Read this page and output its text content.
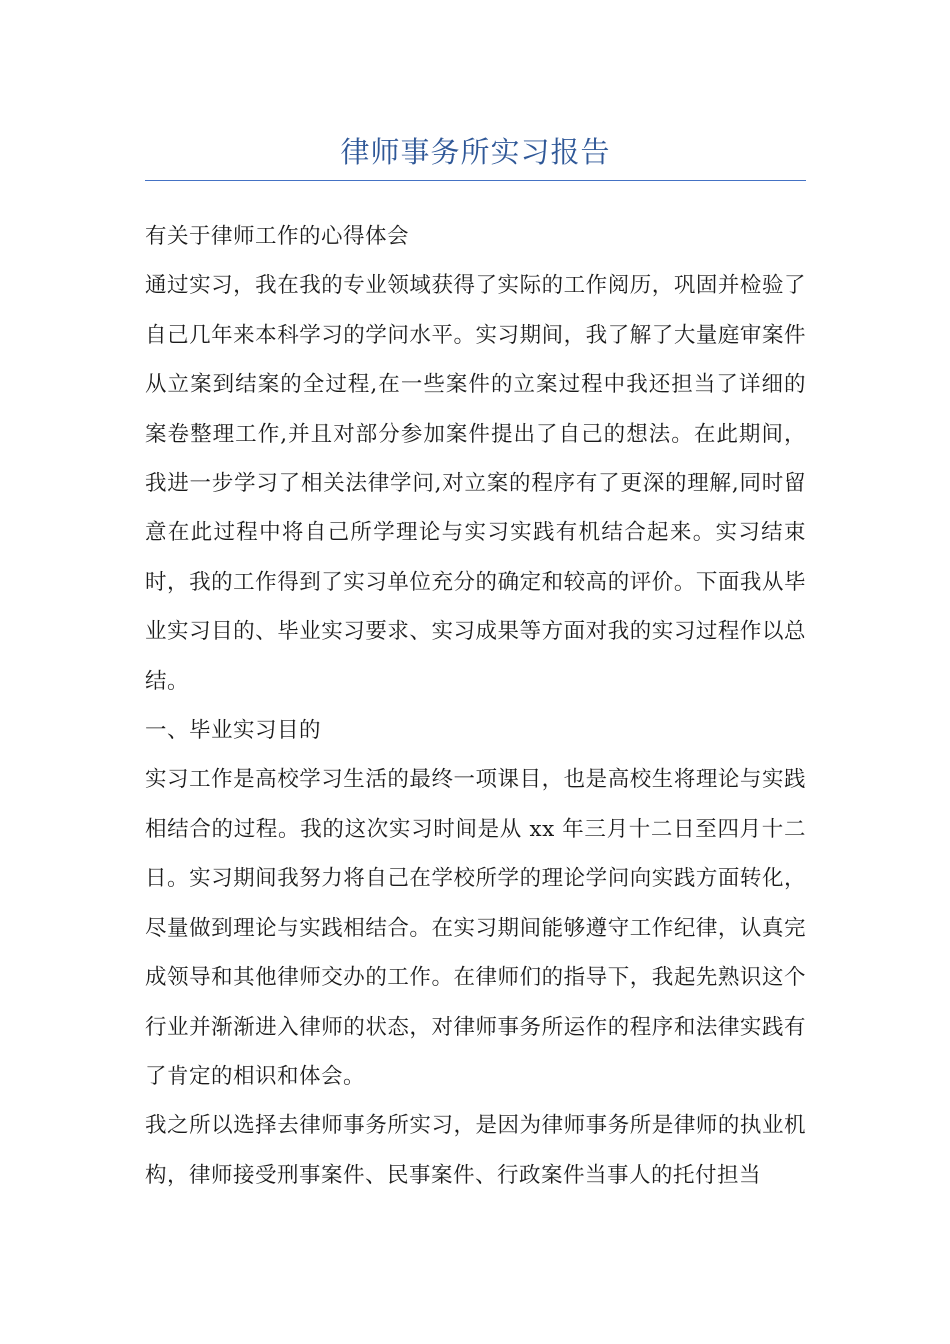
律师事务所实习报告

有关于律师工作的心得体会

通过实习，我在我的专业领域获得了实际的工作阅历，巩固并检验了自己几年来本科学习的学问水平。实习期间，我了解了大量庭审案件从立案到结案的全过程,在一些案件的立案过程中我还担当了详细的案卷整理工作,并且对部分参加案件提出了自己的想法。在此期间，我进一步学习了相关法律学问,对立案的程序有了更深的理解,同时留意在此过程中将自己所学理论与实习实践有机结合起来。实习结束时，我的工作得到了实习单位充分的确定和较高的评价。下面我从毕业实习目的、毕业实习要求、实习成果等方面对我的实习过程作以总结。

一、毕业实习目的

实习工作是高校学习生活的最终一项课目，也是高校生将理论与实践相结合的过程。我的这次实习时间是从 xx 年三月十二日至四月十二日。实习期间我努力将自己在学校所学的理论学问向实践方面转化，尽量做到理论与实践相结合。在实习期间能够遵守工作纪律，认真完成领导和其他律师交办的工作。在律师们的指导下，我起先熟识这个行业并渐渐进入律师的状态，对律师事务所运作的程序和法律实践有了肯定的相识和体会。

我之所以选择去律师事务所实习，是因为律师事务所是律师的执业机构，律师接受刑事案件、民事案件、行政案件当事人的托付担当
